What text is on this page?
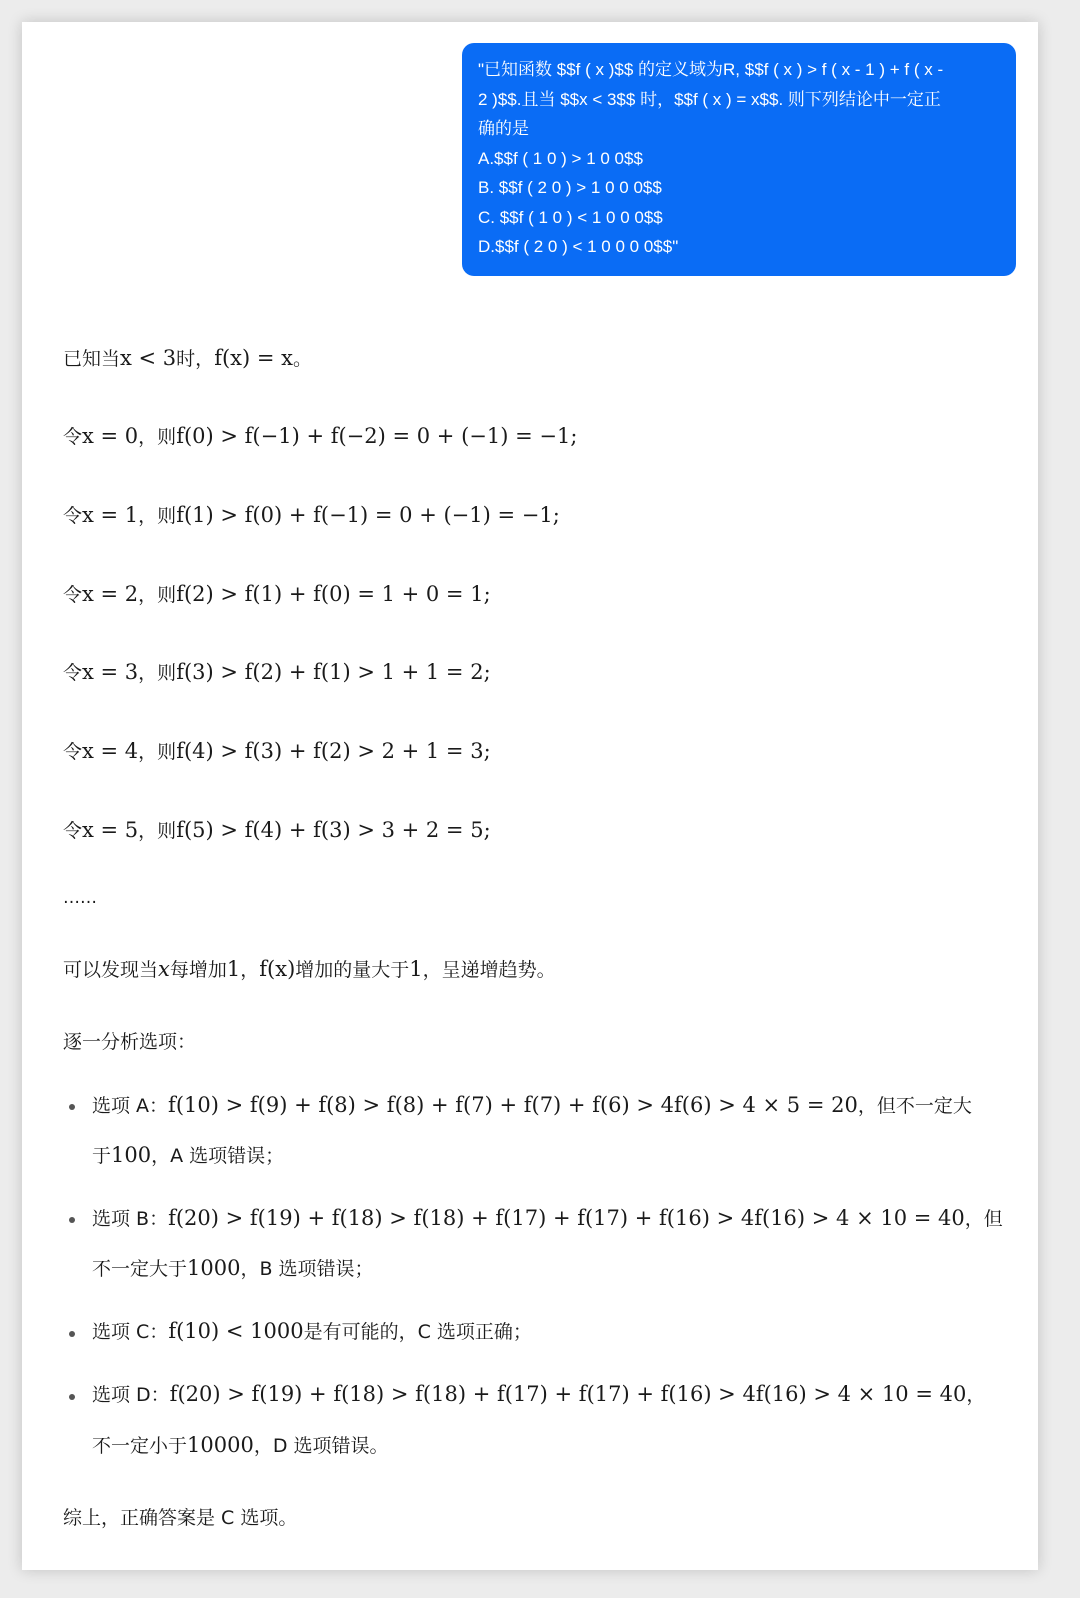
"已知函数 $$f ( x )$$ 的定义域为R, $$f ( x ) > f ( x - 1 ) + f ( x -
2 )$$.且当 $$x < 3$$ 时，$$f ( x ) = x$$. 则下列结论中一定正
确的是
A.$$f ( 1 0 ) > 1 0 0$$
B. $$f ( 2 0 ) > 1 0 0 0$$
C. $$f ( 1 0 ) < 1 0 0 0$$
D.$$f ( 2 0 ) < 1 0 0 0 0$$"
已知当x < 3时，f(x) = x。
令x = 0，则f(0) > f(−1) + f(−2) = 0 + (−1) = −1;
令x = 1，则f(1) > f(0) + f(−1) = 0 + (−1) = −1;
令x = 2，则f(2) > f(1) + f(0) = 1 + 0 = 1;
令x = 3，则f(3) > f(2) + f(1) > 1 + 1 = 2;
令x = 4，则f(4) > f(3) + f(2) > 2 + 1 = 3;
令x = 5，则f(5) > f(4) + f(3) > 3 + 2 = 5;
……
可以发现当x每增加1，f(x)增加的量大于1，呈递增趋势。
逐一分析选项：
选项 A：f(10) > f(9) + f(8) > f(8) + f(7) + f(7) + f(6) > 4f(6) > 4 × 5 = 20，但不一定大
于100，A 选项错误；
选项 B：f(20) > f(19) + f(18) > f(18) + f(17) + f(17) + f(16) > 4f(16) > 4 × 10 = 40，但
不一定大于1000，B 选项错误；
选项 C：f(10) < 1000是有可能的，C 选项正确；
选项 D：f(20) > f(19) + f(18) > f(18) + f(17) + f(17) + f(16) > 4f(16) > 4 × 10 = 40，
不一定小于10000，D 选项错误。
综上，正确答案是 C 选项。
